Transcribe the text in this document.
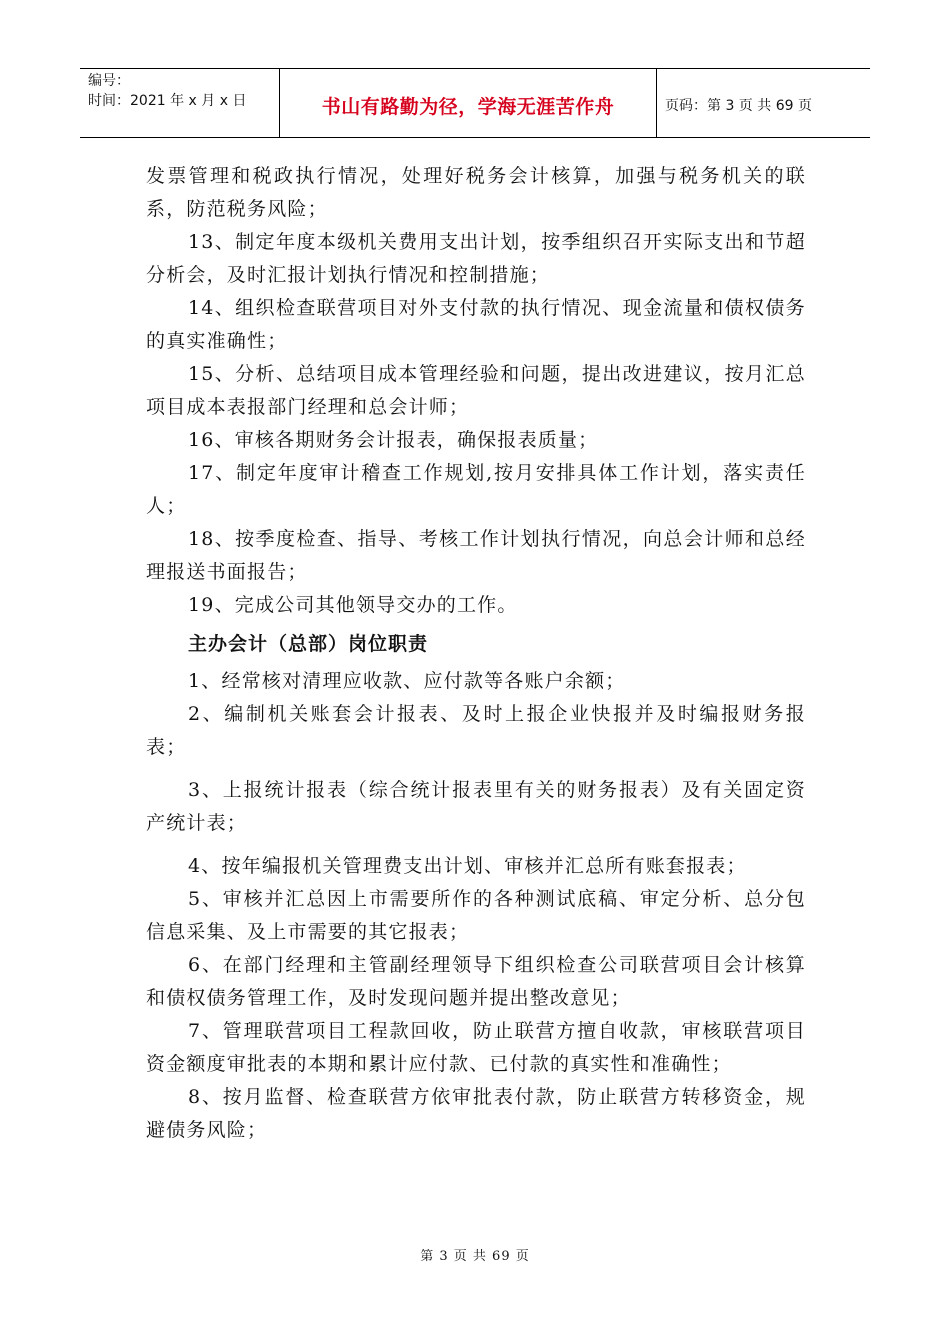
编号：
时间：2021 年 x 月 x 日	书山有路勤为径，学海无涯苦作舟	页码：第 3 页 共 69 页

发票管理和税政执行情况，处理好税务会计核算，加强与税务机关的联系，防范税务风险；

13、制定年度本级机关费用支出计划，按季组织召开实际支出和节超分析会，及时汇报计划执行情况和控制措施；

14、组织检查联营项目对外支付款的执行情况、现金流量和债权债务的真实准确性；

15、分析、总结项目成本管理经验和问题，提出改进建议，按月汇总项目成本表报部门经理和总会计师；

16、审核各期财务会计报表，确保报表质量；

17、制定年度审计稽查工作规划,按月安排具体工作计划，落实责任人；

18、按季度检查、指导、考核工作计划执行情况，向总会计师和总经理报送书面报告；

19、完成公司其他领导交办的工作。

主办会计（总部）岗位职责

1、经常核对清理应收款、应付款等各账户余额；

2、编制机关账套会计报表、及时上报企业快报并及时编报财务报表；

3、上报统计报表（综合统计报表里有关的财务报表）及有关固定资产统计表；

4、按年编报机关管理费支出计划、审核并汇总所有账套报表；

5、审核并汇总因上市需要所作的各种测试底稿、审定分析、总分包信息采集、及上市需要的其它报表；

6、在部门经理和主管副经理领导下组织检查公司联营项目会计核算和债权债务管理工作，及时发现问题并提出整改意见；

7、管理联营项目工程款回收，防止联营方擅自收款，审核联营项目资金额度审批表的本期和累计应付款、已付款的真实性和准确性；

8、按月监督、检查联营方依审批表付款，防止联营方转移资金，规避债务风险；

第 3 页 共 69 页
